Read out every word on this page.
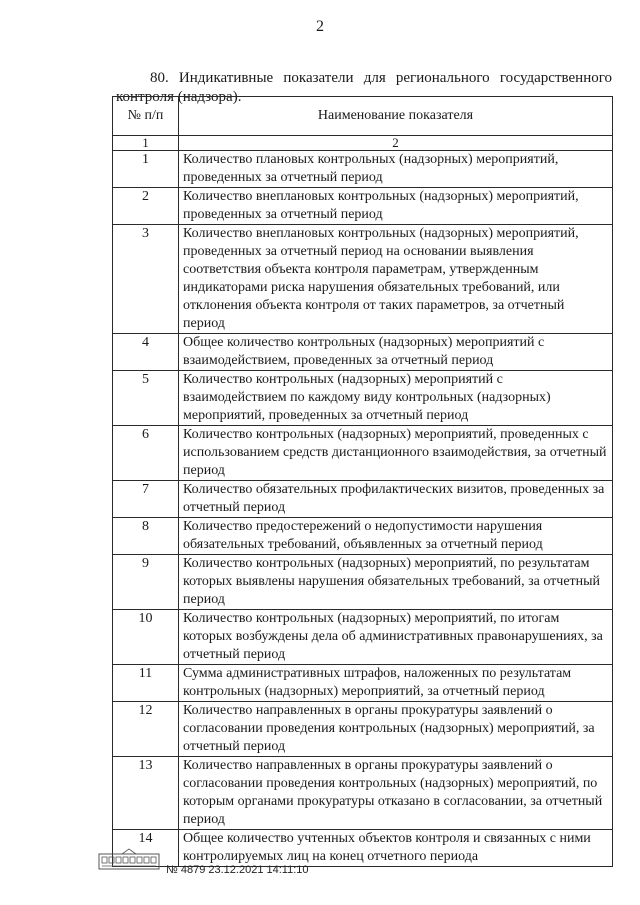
2

80. Индикативные показатели для регионального государственного контроля (надзора).

№ п/п	Наименование показателя
1	2
1	Количество плановых контрольных (надзорных) мероприятий, проведенных за отчетный период
2	Количество внеплановых контрольных (надзорных) мероприятий, проведенных за отчетный период
3	Количество внеплановых контрольных (надзорных) мероприятий, проведенных за отчетный период на основании выявления соответствия объекта контроля параметрам, утвержденным индикаторами риска нарушения обязательных требований, или отклонения объекта контроля от таких параметров, за отчетный период
4	Общее количество контрольных (надзорных) мероприятий с взаимодействием, проведенных за отчетный период
5	Количество контрольных (надзорных) мероприятий с взаимодействием по каждому виду контрольных (надзорных) мероприятий, проведенных за отчетный период
6	Количество контрольных (надзорных) мероприятий, проведенных с использованием средств дистанционного взаимодействия, за отчетный период
7	Количество обязательных профилактических визитов, проведенных за отчетный период
8	Количество предостережений о недопустимости нарушения обязательных требований, объявленных за отчетный период
9	Количество контрольных (надзорных) мероприятий, по результатам которых выявлены нарушения обязательных требований, за отчетный период
10	Количество контрольных (надзорных) мероприятий, по итогам которых возбуждены дела об административных правонарушениях, за отчетный период
11	Сумма административных штрафов, наложенных по результатам контрольных (надзорных) мероприятий, за отчетный период
12	Количество направленных в органы прокуратуры заявлений о согласовании проведения контрольных (надзорных) мероприятий, за отчетный период
13	Количество направленных в органы прокуратуры заявлений о согласовании проведения контрольных (надзорных) мероприятий, по которым органами прокуратуры отказано в согласовании, за отчетный период
14	Общее количество учтенных объектов контроля и связанных с ними контролируемых лиц на конец отчетного периода
№ 4879 23.12.2021 14:11:10
